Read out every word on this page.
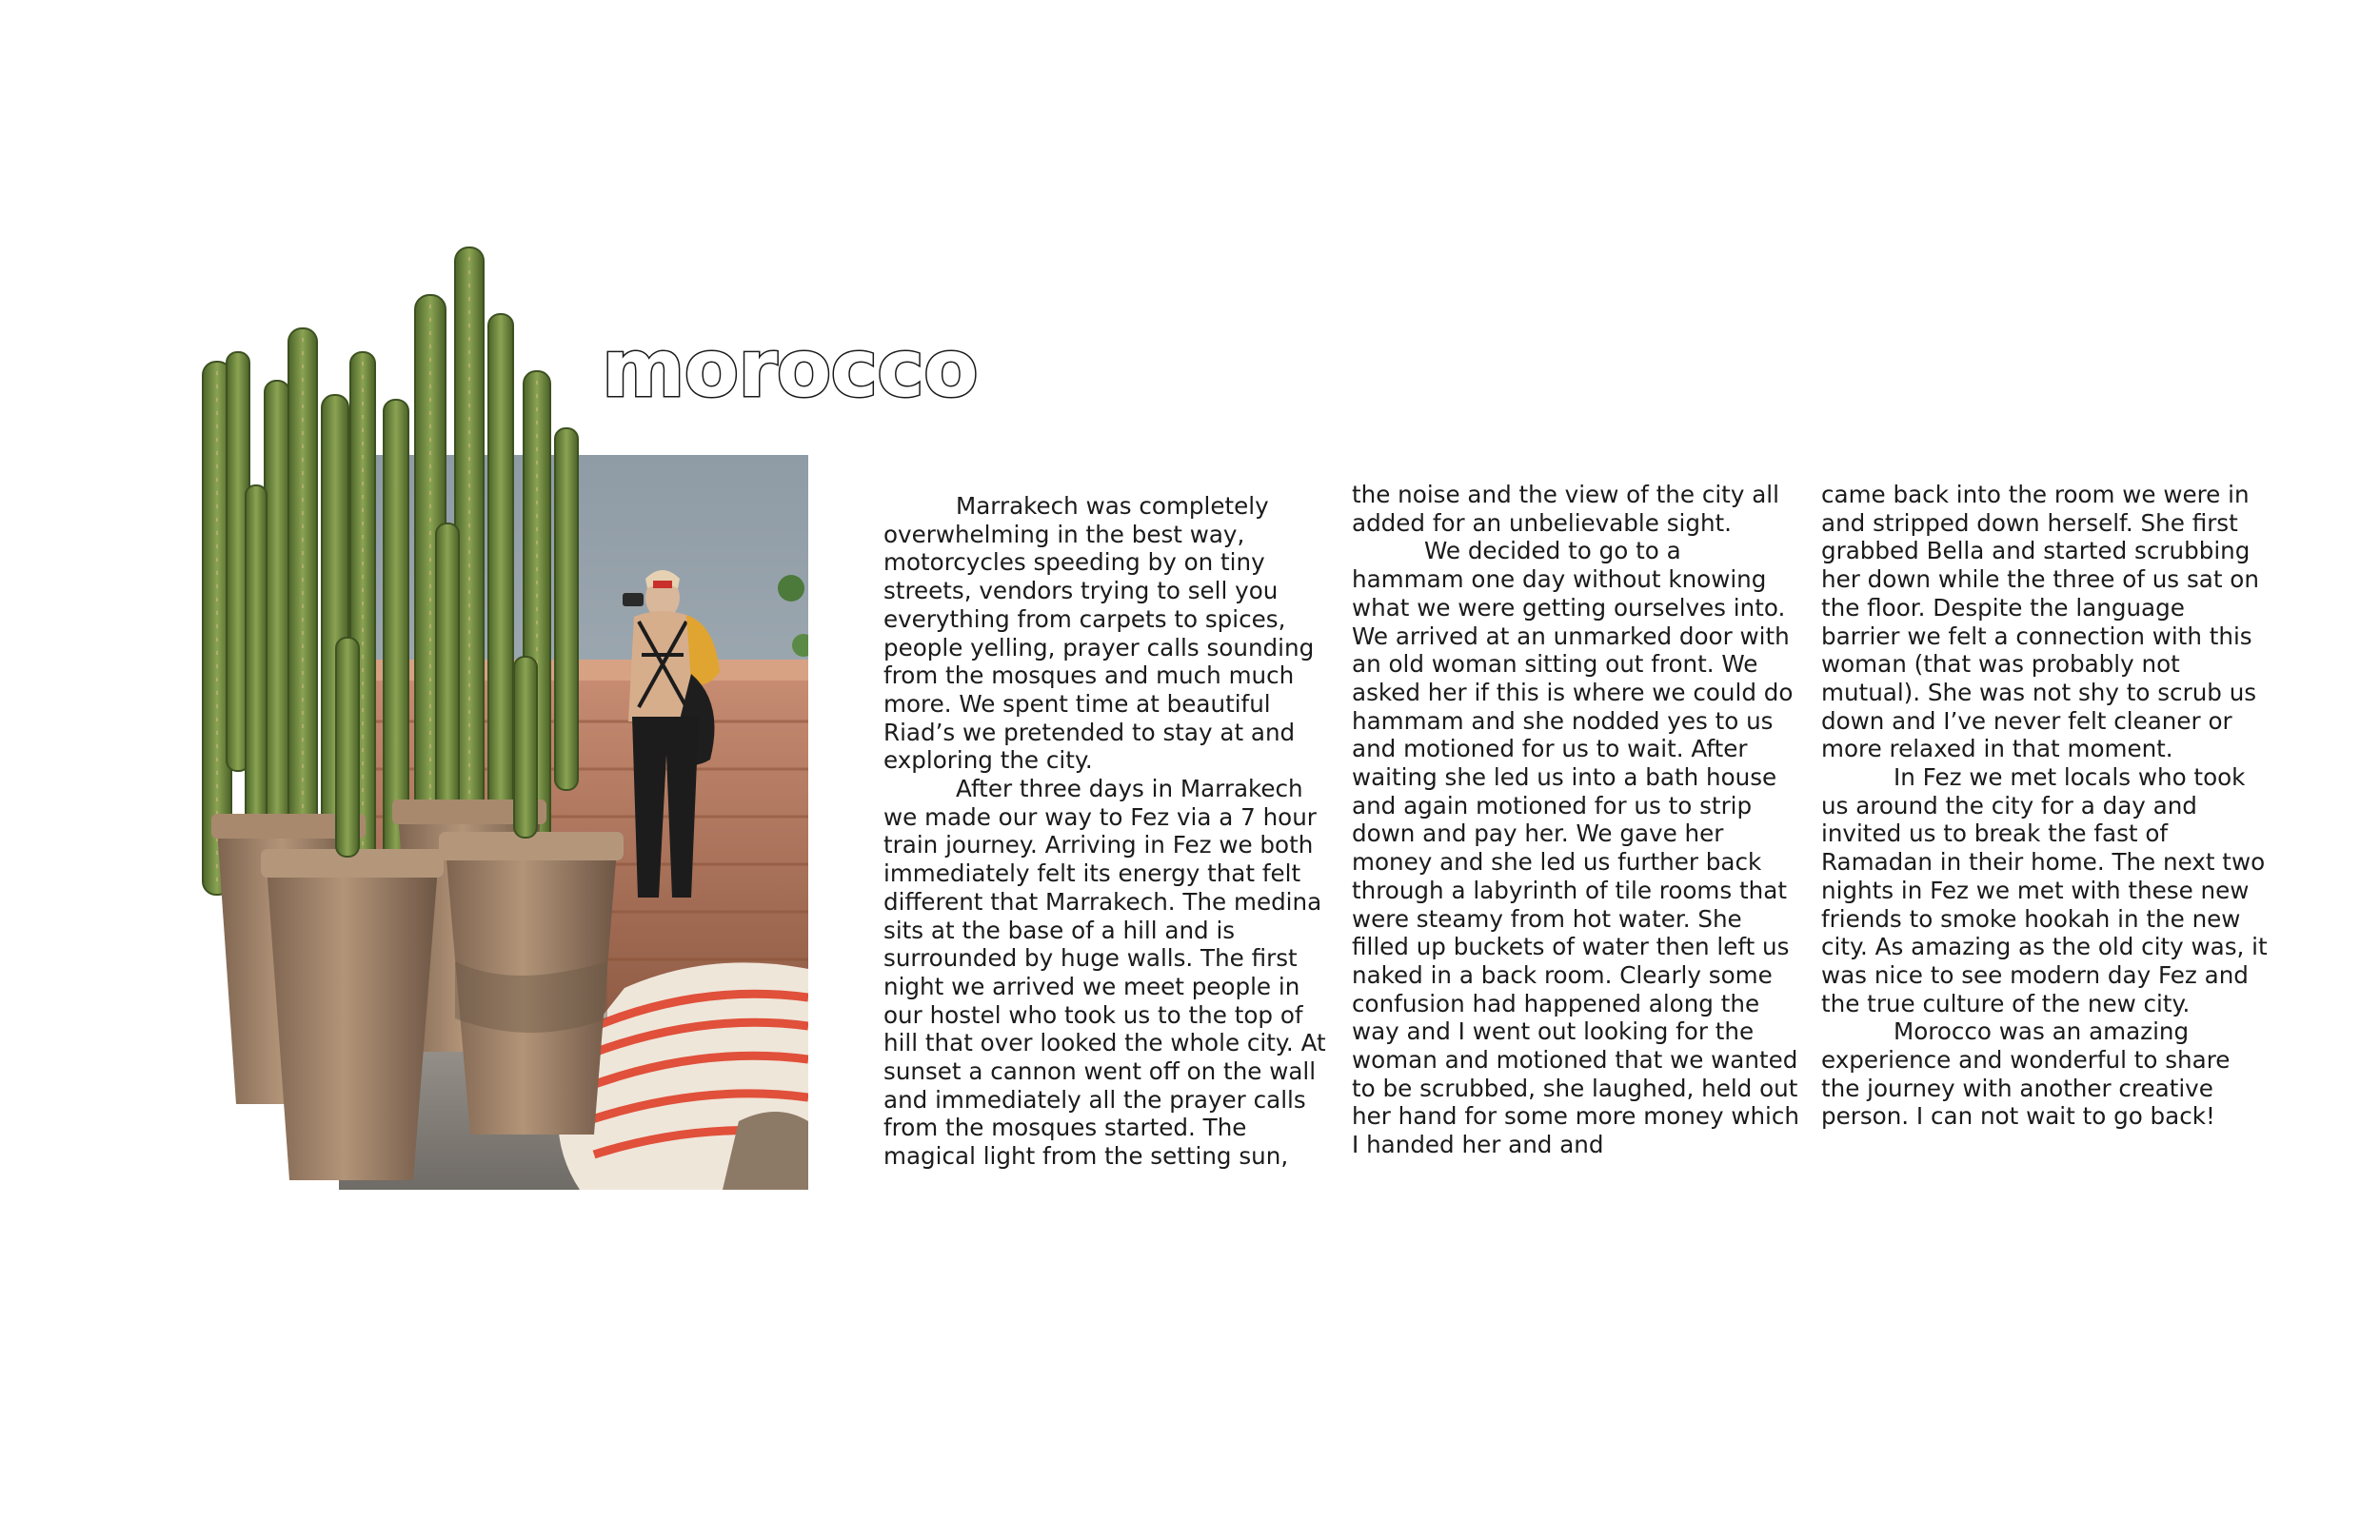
morocco

Marrakech was completely overwhelming in the best way, motorcycles speeding by on tiny streets, vendors trying to sell you everything from carpets to spices, people yelling, prayer calls sounding from the mosques and much much more. We spent time at beautiful Riad’s we pretended to stay at and exploring the city.

After three days in Marrakech we made our way to Fez via a 7 hour train journey. Arriving in Fez we both immediately felt its energy that felt different that Marrakech. The medina sits at the base of a hill and is surrounded by huge walls. The first night we arrived we meet people in our hostel who took us to the top of hill that over looked the whole city. At sunset a cannon went off on the wall and immediately all the prayer calls from the mosques started. The magical light from the setting sun,

the noise and the view of the city all added for an unbelievable sight.

We decided to go to a hammam one day without knowing what we were getting ourselves into. We arrived at an unmarked door with an old woman sitting out front. We asked her if this is where we could do hammam and she nodded yes to us and motioned for us to wait. After waiting she led us into a bath house and again motioned for us to strip down and pay her. We gave her money and she led us further back through a labyrinth of tile rooms that were steamy from hot water. She filled up buckets of water then left us naked in a back room. Clearly some confusion had happened along the way and I went out looking for the woman and motioned that we wanted to be scrubbed, she laughed, held out her hand for some more money which I handed her and and

came back into the room we were in and stripped down herself. She first grabbed Bella and started scrubbing her down while the three of us sat on the floor. Despite the language barrier we felt a connection with this woman (that was probably not mutual). She was not shy to scrub us down and I’ve never felt cleaner or more relaxed in that moment.

In Fez we met locals who took us around the city for a day and invited us to break the fast of Ramadan in their home. The next two nights in Fez we met with these new friends to smoke hookah in the new city. As amazing as the old city was, it was nice to see modern day Fez and the true culture of the new city.

Morocco was an amazing experience and wonderful to share the journey with another creative person. I can not wait to go back!
